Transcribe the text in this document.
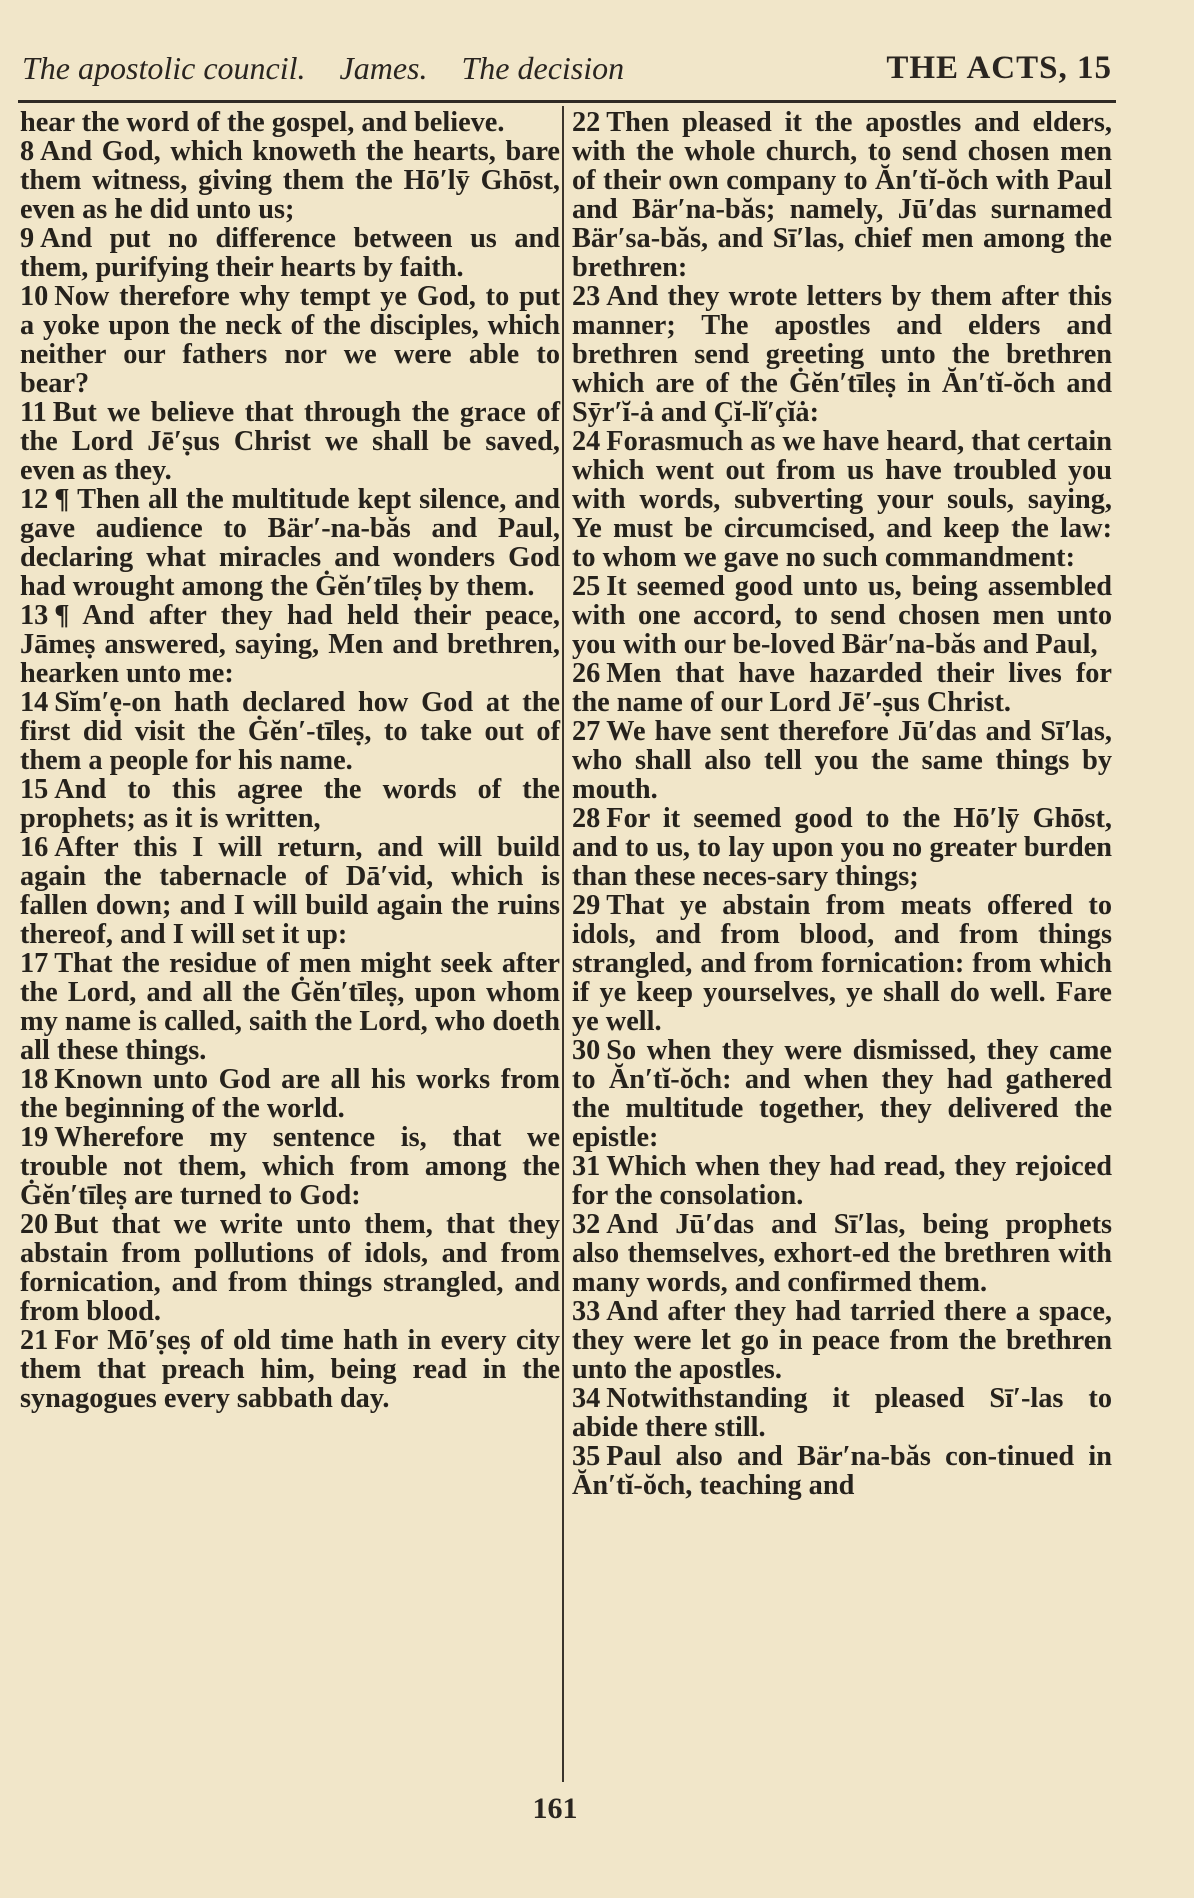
The apostolic council. James. The decision	THE ACTS, 15
hear the word of the gospel, and believe.
8 And God, which knoweth the hearts, bare them witness, giving them the Hō′lȳ Ghōst, even as he did unto us;
9 And put no difference between us and them, purifying their hearts by faith.
10 Now therefore why tempt ye God, to put a yoke upon the neck of the disciples, which neither our fathers nor we were able to bear?
11 But we believe that through the grace of the Lord Jē′ṣus Christ we shall be saved, even as they.
12 ¶ Then all the multitude kept silence, and gave audience to Bär′-na-băs and Paul, declaring what miracles and wonders God had wrought among the Ġĕn′tīleṣ by them.
13 ¶ And after they had held their peace, Jāmeṣ answered, saying, Men and brethren, hearken unto me:
14 Sĭm′ẹ-on hath declared how God at the first did visit the Ġĕn′-tīleṣ, to take out of them a people for his name.
15 And to this agree the words of the prophets; as it is written,
16 After this I will return, and will build again the tabernacle of Dā′vid, which is fallen down; and I will build again the ruins thereof, and I will set it up:
17 That the residue of men might seek after the Lord, and all the Ġĕn′tīleṣ, upon whom my name is called, saith the Lord, who doeth all these things.
18 Known unto God are all his works from the beginning of the world.
19 Wherefore my sentence is, that we trouble not them, which from among the Ġĕn′tīleṣ are turned to God:
20 But that we write unto them, that they abstain from pollutions of idols, and from fornication, and from things strangled, and from blood.
21 For Mō′ṣeṣ of old time hath in every city them that preach him, being read in the synagogues every sabbath day.
22 Then pleased it the apostles and elders, with the whole church, to send chosen men of their own company to Ăn′tĭ-ŏch with Paul and Bär′na-băs; namely, Jū′das surnamed Bär′sa-băs, and Sī′las, chief men among the brethren:
23 And they wrote letters by them after this manner; The apostles and elders and brethren send greeting unto the brethren which are of the Ġĕn′tīleṣ in Ăn′tĭ-ŏch and Sȳr′ĭ-ȧ and Çĭ-lĭ′çĭȧ:
24 Forasmuch as we have heard, that certain which went out from us have troubled you with words, subverting your souls, saying, Ye must be circumcised, and keep the law: to whom we gave no such commandment:
25 It seemed good unto us, being assembled with one accord, to send chosen men unto you with our be-loved Bär′na-băs and Paul,
26 Men that have hazarded their lives for the name of our Lord Jē′-ṣus Christ.
27 We have sent therefore Jū′das and Sī′las, who shall also tell you the same things by mouth.
28 For it seemed good to the Hō′lȳ Ghōst, and to us, to lay upon you no greater burden than these neces-sary things;
29 That ye abstain from meats offered to idols, and from blood, and from things strangled, and from fornication: from which if ye keep yourselves, ye shall do well. Fare ye well.
30 So when they were dismissed, they came to Ăn′tĭ-ŏch: and when they had gathered the multitude together, they delivered the epistle:
31 Which when they had read, they rejoiced for the consolation.
32 And Jū′das and Sī′las, being prophets also themselves, exhort-ed the brethren with many words, and confirmed them.
33 And after they had tarried there a space, they were let go in peace from the brethren unto the apostles.
34 Notwithstanding it pleased Sī′-las to abide there still.
35 Paul also and Bär′na-băs con-tinued in Ăn′tĭ-ŏch, teaching and
161
